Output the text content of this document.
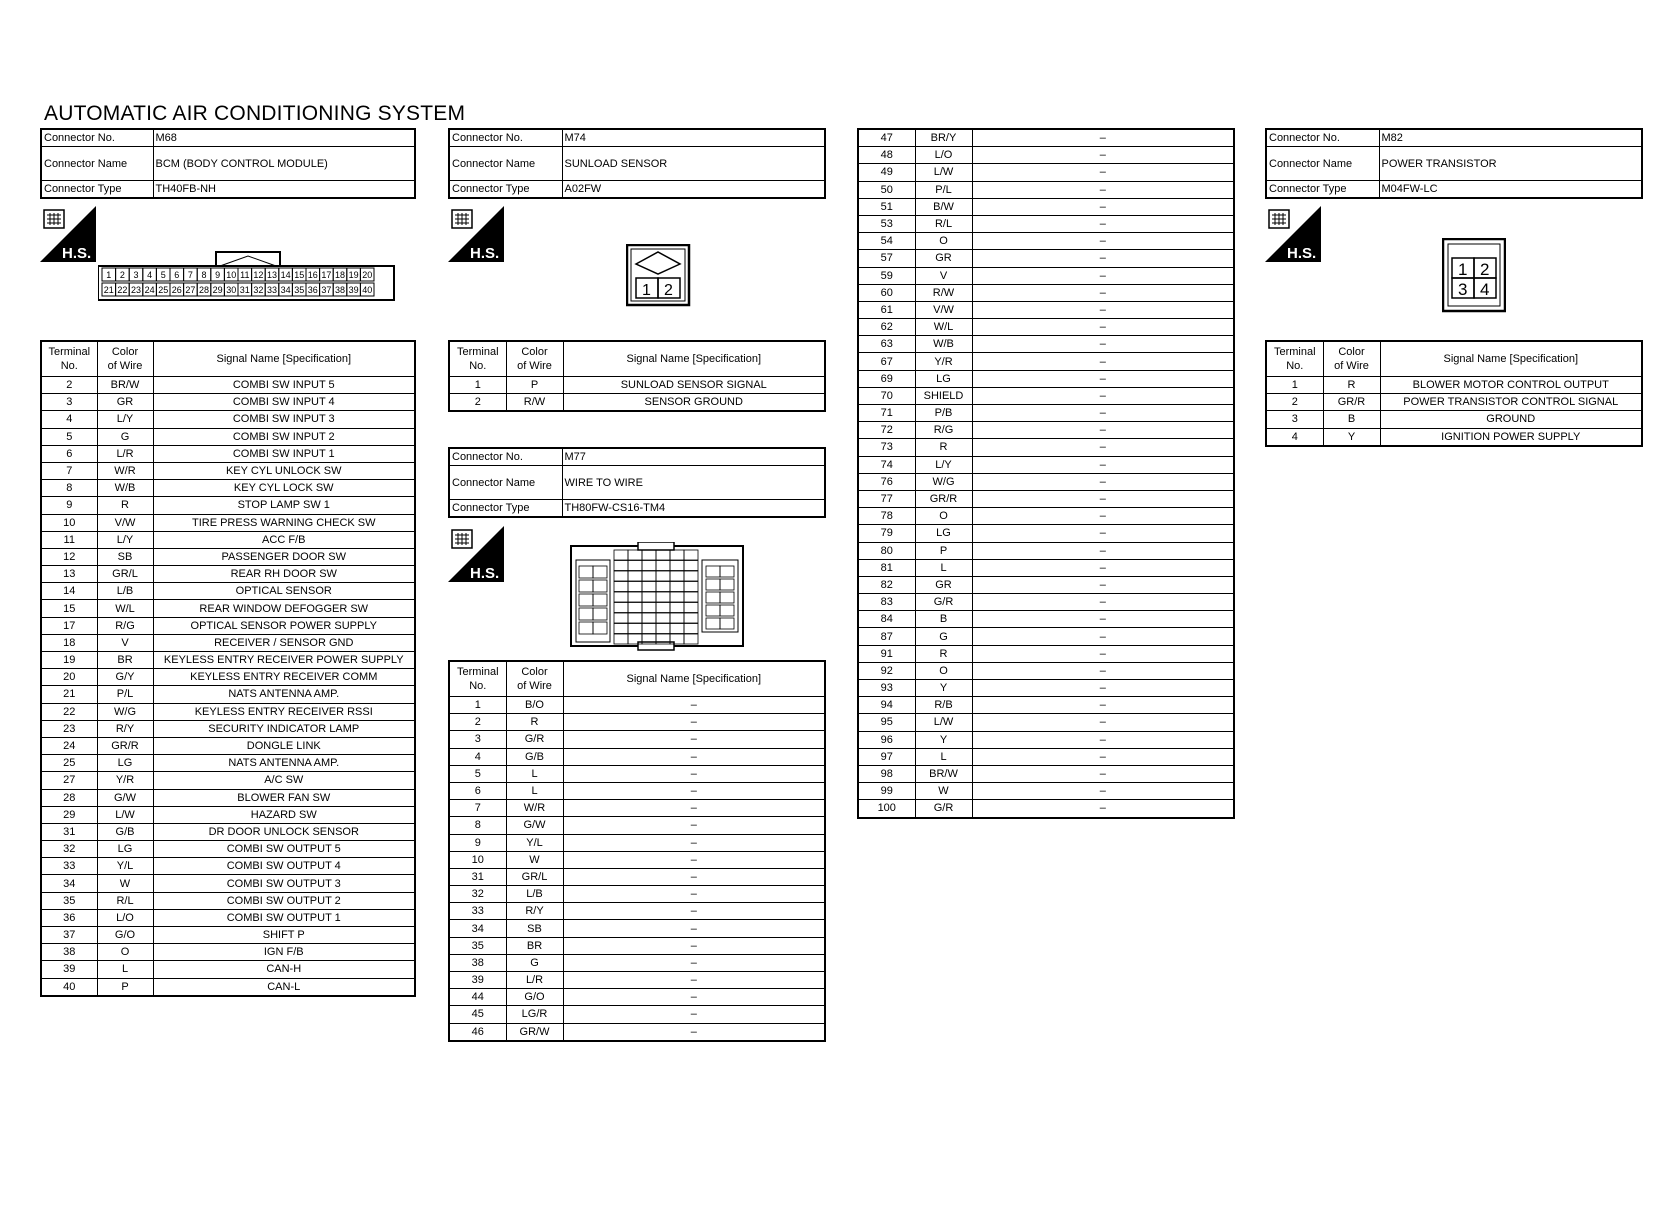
AUTOMATIC AIR CONDITIONING SYSTEM
Connector No.	M68
Connector Name	BCM (BODY CONTROL MODULE)
Connector Type	TH40FB-NH
H.S.
1 2 3 4 5 6 7 8 9 10 11 12 13 14 15 16 17 18 19 20
21 22 23 24 25 26 27 28 29 30 31 32 33 34 35 36 37 38 39 40
Terminal
No.	Color
of Wire	Signal Name [Specification]
2	BR/W	COMBI SW INPUT 5
3	GR	COMBI SW INPUT 4
4	L/Y	COMBI SW INPUT 3
5	G	COMBI SW INPUT 2
6	L/R	COMBI SW INPUT 1
7	W/R	KEY CYL UNLOCK SW
8	W/B	KEY CYL LOCK SW
9	R	STOP LAMP SW 1
10	V/W	TIRE PRESS WARNING CHECK SW
11	L/Y	ACC F/B
12	SB	PASSENGER DOOR SW
13	GR/L	REAR RH DOOR SW
14	L/B	OPTICAL SENSOR
15	W/L	REAR WINDOW DEFOGGER SW
17	R/G	OPTICAL SENSOR POWER SUPPLY
18	V	RECEIVER / SENSOR GND
19	BR	KEYLESS ENTRY RECEIVER POWER SUPPLY
20	G/Y	KEYLESS ENTRY RECEIVER COMM
21	P/L	NATS ANTENNA AMP.
22	W/G	KEYLESS ENTRY RECEIVER RSSI
23	R/Y	SECURITY INDICATOR LAMP
24	GR/R	DONGLE LINK
25	LG	NATS ANTENNA AMP.
27	Y/R	A/C SW
28	G/W	BLOWER FAN SW
29	L/W	HAZARD SW
31	G/B	DR DOOR UNLOCK SENSOR
32	LG	COMBI SW OUTPUT 5
33	Y/L	COMBI SW OUTPUT 4
34	W	COMBI SW OUTPUT 3
35	R/L	COMBI SW OUTPUT 2
36	L/O	COMBI SW OUTPUT 1
37	G/O	SHIFT P
38	O	IGN F/B
39	L	CAN-H
40	P	CAN-L
Connector No.	M74
Connector Name	SUNLOAD SENSOR
Connector Type	A02FW
H.S.
1 2
Terminal
No.	Color
of Wire	Signal Name [Specification]
1	P	SUNLOAD SENSOR SIGNAL
2	R/W	SENSOR GROUND
Connector No.	M77
Connector Name	WIRE TO WIRE
Connector Type	TH80FW-CS16-TM4
H.S.
Terminal
No.	Color
of Wire	Signal Name [Specification]
1	B/O	–
2	R	–
3	G/R	–
4	G/B	–
5	L	–
6	L	–
7	W/R	–
8	G/W	–
9	Y/L	–
10	W	–
31	GR/L	–
32	L/B	–
33	R/Y	–
34	SB	–
35	BR	–
38	G	–
39	L/R	–
44	G/O	–
45	LG/R	–
46	GR/W	–
47	BR/Y	–
48	L/O	–
49	L/W	–
50	P/L	–
51	B/W	–
53	R/L	–
54	O	–
57	GR	–
59	V	–
60	R/W	–
61	V/W	–
62	W/L	–
63	W/B	–
67	Y/R	–
69	LG	–
70	SHIELD	–
71	P/B	–
72	R/G	–
73	R	–
74	L/Y	–
76	W/G	–
77	GR/R	–
78	O	–
79	LG	–
80	P	–
81	L	–
82	GR	–
83	G/R	–
84	B	–
87	G	–
91	R	–
92	O	–
93	Y	–
94	R/B	–
95	L/W	–
96	Y	–
97	L	–
98	BR/W	–
99	W	–
100	G/R	–
Connector No.	M82
Connector Name	POWER TRANSISTOR
Connector Type	M04FW-LC
H.S.
1 2
3 4
Terminal
No.	Color
of Wire	Signal Name [Specification]
1	R	BLOWER MOTOR CONTROL OUTPUT
2	GR/R	POWER TRANSISTOR CONTROL SIGNAL
3	B	GROUND
4	Y	IGNITION POWER SUPPLY
